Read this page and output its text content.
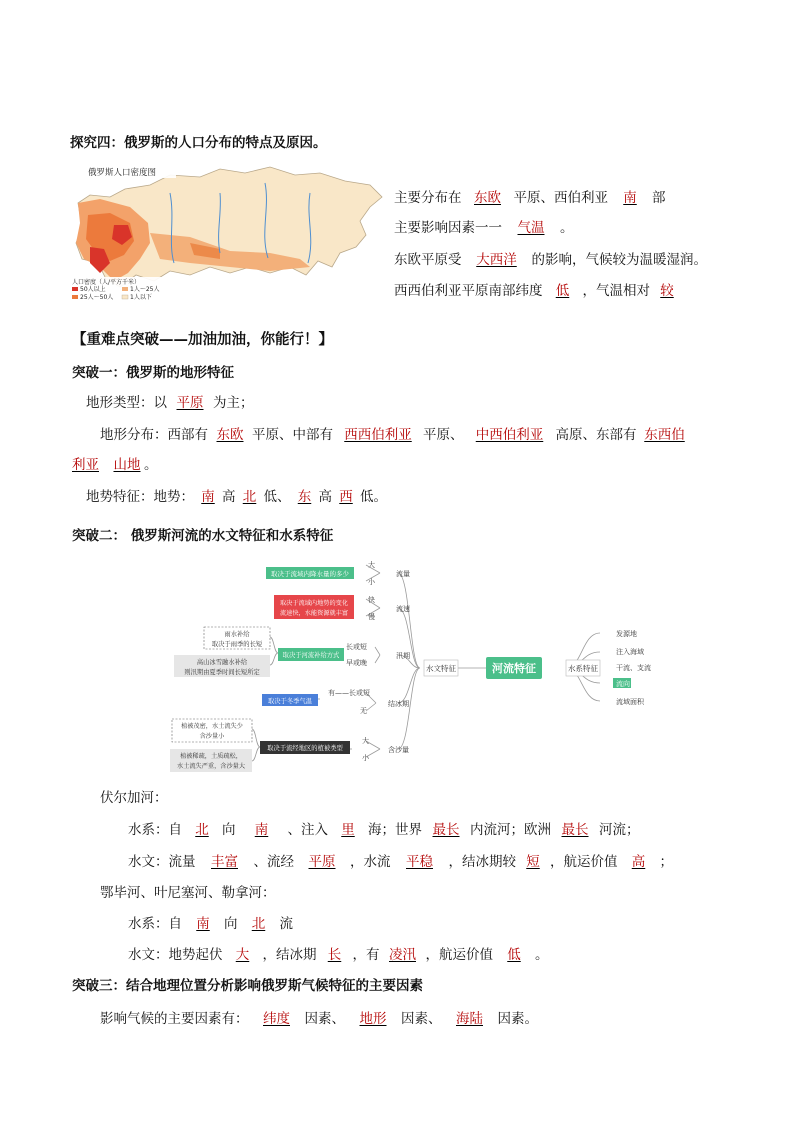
探究四：俄罗斯的人口分布的特点及原因。
俄罗斯人口密度图
人口密度（人/平方千米）
50人以上	1人～25人
25人～50人	1人以下
主要分布在 东欧 平原、西伯利亚 南 部
主要影响因素一一 气温 。
东欧平原受 大西洋 的影响，气候较为温暖湿润。
西西伯利亚平原南部纬度 低 ，气温相对 较
【重难点突破——加油加油，你能行！】
突破一：俄罗斯的地形特征
地形类型：以 平原 为主；
地形分布：西部有 东欧 平原、中部有 西西伯利亚 平原、 中西伯利亚 高原、东部有 东西伯
利亚 山地 。
地势特征：地势： 南 高 北 低、 东 高 西 低。
突破二： 俄罗斯河流的水文特征和水系特征
河流特征
水文特征	水系特征
发源地
注入海域
干流、支流
流向
流域面积
流量
流速
汛期
结冰期
含沙量
大
小
快
慢
长或短
早或晚
有——长或短
无
大
小
取决于流域内降水量的多少
取决于流域内地势的变化
流速快，水能资源就丰富
取决于河流补给方式
雨水补给
取决于雨季的长短
高山冰雪融水补给
则汛期由夏季时间长短所定
取决于冬季气温
取决于流经地区的植被类型
植被茂密，水土流失少
含沙量小
植被稀疏，土质疏松，
水土流失严重，含沙量大
伏尔加河：
水系：自 北 向 南 、注入 里 海；世界 最长 内流河；欧洲 最长 河流；
水文：流量 丰富 、流经 平原 ，水流 平稳 ，结冰期较 短 ，航运价值 高 ；
鄂毕河、叶尼塞河、勒拿河：
水系：自 南 向 北 流
水文：地势起伏 大 ，结冰期 长 ，有 凌汛 ，航运价值 低 。
突破三：结合地理位置分析影响俄罗斯气候特征的主要因素
影响气候的主要因素有： 纬度 因素、 地形 因素、 海陆 因素。
